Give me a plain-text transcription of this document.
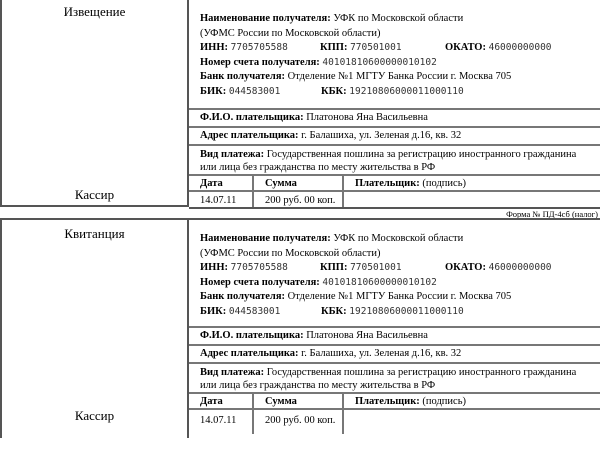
Извещение
Кассир
Наименование получателя: УФК по Московской области
(УФМС России по Московской области)
ИНН: 7705705588	КПП: 770501001	ОКАТО: 46000000000
Номер счета получателя: 40101810600000010102
Банк получателя: Отделение №1 МГТУ Банка России г. Москва 705
БИК: 044583001	КБК: 19210806000011000110
Ф.И.О. плательщика: Платонова Яна Васильевна
Адрес плательщика: г. Балашиха, ул. Зеленая д.16, кв. 32
Вид платежа: Государственная пошлина за регистрацию иностранного гражданина или лица без гражданства по месту жительства в РФ
Дата	Сумма	Плательщик: (подпись)
14.07.11	200 руб. 00 коп.
Форма № ПД-4сб (налог)
Квитанция
Кассир
Наименование получателя: УФК по Московской области
(УФМС России по Московской области)
ИНН: 7705705588	КПП: 770501001	ОКАТО: 46000000000
Номер счета получателя: 40101810600000010102
Банк получателя: Отделение №1 МГТУ Банка России г. Москва 705
БИК: 044583001	КБК: 19210806000011000110
Ф.И.О. плательщика: Платонова Яна Васильевна
Адрес плательщика: г. Балашиха, ул. Зеленая д.16, кв. 32
Вид платежа: Государственная пошлина за регистрацию иностранного гражданина или лица без гражданства по месту жительства в РФ
Дата	Сумма	Плательщик: (подпись)
14.07.11	200 руб. 00 коп.
